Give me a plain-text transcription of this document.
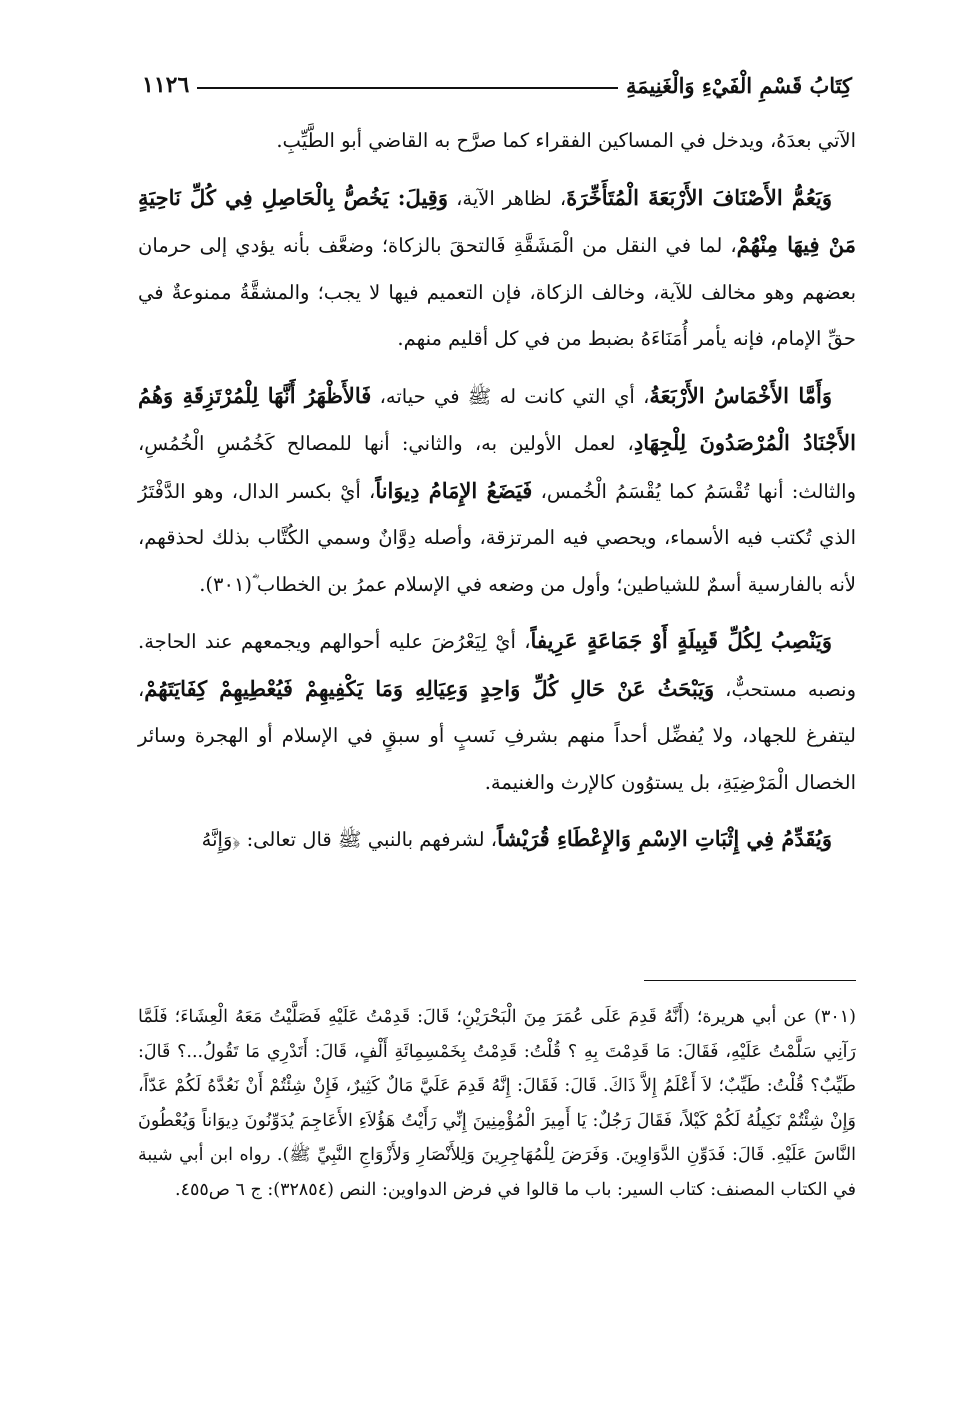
كِتَابُ قَسْمِ الْفَيْءِ وَالْغَنِيمَةِ
١١٢٦

الآتي بعدَهُ، ويدخل في المساكين الفقراء كما صرَّح به القاضي أبو الطَّيِّبِ.

وَيَعُمُّ الأَصْنَافَ الأَرْبَعَةَ الْمُتَأَخِّرَةَ، لظاهر الآية، وَقِيلَ: يَخُصُّ بِالْحَاصِلِ فِي كُلِّ نَاحِيَةٍ مَنْ فِيهَا مِنْهُمْ، لما في النقل من الْمَشَقَّةِ فَالتحقَ بالزكاة؛ وضعَّف بأنه يؤدي إلى حرمان بعضهم وهو مخالف للآية، وخالف الزكاة، فإن التعميم فيها لا يجب؛ والمشقَّةُ ممنوعةٌ في حقِّ الإمام، فإنه يأمر أُمَنَاءَهُ بضبط من في كل أقليم منهم.

وَأَمَّا الأَخْمَاسُ الأَرْبَعَةُ، أي التي كانت له ﷺ في حياته، فَالأَظْهَرُ أَنَّهَا لِلْمُرْتَزِقَةِ وَهُمُ الأَجْنَادُ الْمُرْصَدُونَ لِلْجِهَادِ، لعمل الأولين به، والثاني: أنها للمصالح كَخُمُسِ الْخُمُسِ، والثالث: أنها تُقْسَمُ كما يُقْسَمُ الْخُمس، فَيَضَعُ الإِمَامُ دِيوَاناً، أيْ بكسر الدال، وهو الدَّفْتَرُ الذي تُكتب فيه الأسماء، ويحصي فيه المرتزقة، وأصله دِوَّانٌ وسمي الكُتَّاب بذلك لحذقهم، لأنه بالفارسية أسمٌ للشياطين؛ وأول من وضعه في الإسلام عمرُ بن الخطاب ؓ(٣٠١).

وَيَنْصِبُ لِكُلِّ قَبِيلَةٍ أَوْ جَمَاعَةٍ عَرِيفاً، أيْ لِيَعْرُضَ عليه أحوالهم ويجمعهم عند الحاجة. ونصبه مستحبٌّ، وَيَبْحَثُ عَنْ حَالِ كُلِّ وَاحِدٍ وَعِيَالِهِ وَمَا يَكْفِيهِمْ فَيُعْطِيهِمْ كِفَايَتَهُمْ، ليتفرغ للجهاد، ولا يُفضِّل أحداً منهم بشرفِ نَسبٍ أو سبقٍ في الإسلام أو الهجرة وسائر الخصال الْمَرْضِيَةِ، بل يستوُون كالإرث والغنيمة.

وَيُقَدِّمُ فِي إِثْبَاتِ الاِسْمِ وَالإِعْطَاءِ قُرَيْشاً، لشرفهم بالنبي ﷺ قال تعالى: ﴿وَإِنَّهُ

(٣٠١) عن أبي هريرة؛ (أَنَّهُ قَدِمَ عَلَى عُمَرَ مِنَ الْبَحْرَيْنِ؛ قَالَ: قَدِمْتُ عَلَيْهِ فَصَلَّيْتُ مَعَهُ الْعِشَاءَ؛ فَلَمَّا رَآنِي سَلَّمْتُ عَلَيْهِ، فَقَالَ: مَا قَدِمْتَ بِهِ ؟ قُلْتُ: قَدِمْتُ بِخَمْسِمِائَةِ أَلْفٍ، قَالَ: أَتَدْرِي مَا تَقُولُ...؟ قَالَ: طَيِّبٌ؟ قُلْتُ: طَيِّبٌ؛ لاَ أَعْلَمُ إِلاَّ ذَاكَ. قَالَ: فَقَالَ: إِنَّهُ قَدِمَ عَلَيَّ مَالٌ كَثِيرٌ، فَإِنْ شِئْتُمْ أَنْ نَعُدَّهُ لَكُمْ عَدّاً، وَإِنْ شِئْتُمْ نَكِيلُهُ لَكُمْ كَيْلاً، فَقَالَ رَجُلٌ: يَا أَمِيرَ الْمُؤْمِنِينَ إِنِّي رَأَيْتُ هَؤُلاَءِ الأَعَاجِمَ يُدَوِّنُونَ دِيوَاناً وَيُعْطُونَ النَّاسَ عَلَيْهِ. قَالَ: فَدَوِّنِ الدَّوَاوِينَ. وَفَرَضَ لِلْمُهَاجِرِينَ وَلِلأَنْصَارِ وَلأَزْوَاجِ النَّبِيِّ ﷺ). رواه ابن أبي شيبة في الكتاب المصنف: كتاب السير: باب ما قالوا في فرض الدواوين: النص (٣٢٨٥٤): ج ٦ ص٤٥٥.
